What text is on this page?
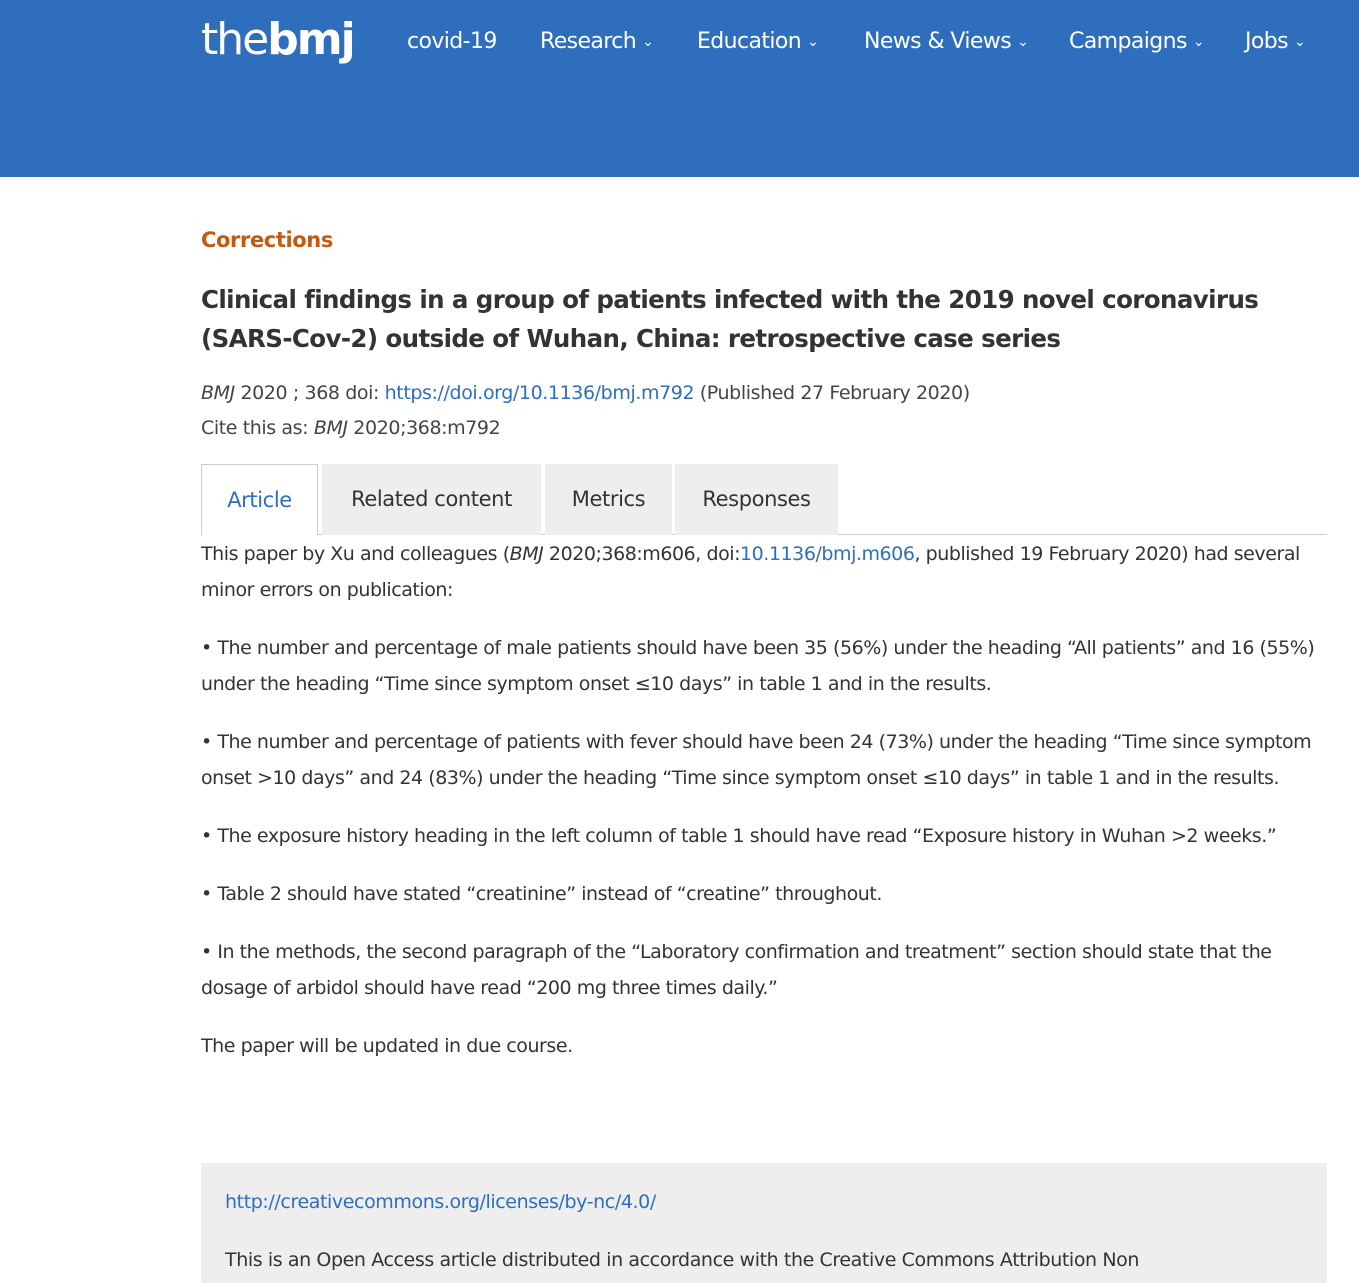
thebmj covid-19 Research ⌄ Education ⌄ News & Views ⌄ Campaigns ⌄ Jobs ⌄
Corrections
Clinical findings in a group of patients infected with the 2019 novel coronavirus (SARS-Cov-2) outside of Wuhan, China: retrospective case series
BMJ 2020 ; 368 doi: https://doi.org/10.1136/bmj.m792 (Published 27 February 2020)
Cite this as: BMJ 2020;368:m792
Article	Related content	Metrics	Responses

This paper by Xu and colleagues (BMJ 2020;368:m606, doi:10.1136/bmj.m606, published 19 February 2020) had several minor errors on publication:

• The number and percentage of male patients should have been 35 (56%) under the heading “All patients” and 16 (55%) under the heading “Time since symptom onset ≤10 days” in table 1 and in the results.

• The number and percentage of patients with fever should have been 24 (73%) under the heading “Time since symptom onset >10 days” and 24 (83%) under the heading “Time since symptom onset ≤10 days” in table 1 and in the results.

• The exposure history heading in the left column of table 1 should have read “Exposure history in Wuhan >2 weeks.”

• Table 2 should have stated “creatinine” instead of “creatine” throughout.

• In the methods, the second paragraph of the “Laboratory confirmation and treatment” section should state that the dosage of arbidol should have read “200 mg three times daily.”

The paper will be updated in due course.

http://creativecommons.org/licenses/by-nc/4.0/
This is an Open Access article distributed in accordance with the Creative Commons Attribution Non
